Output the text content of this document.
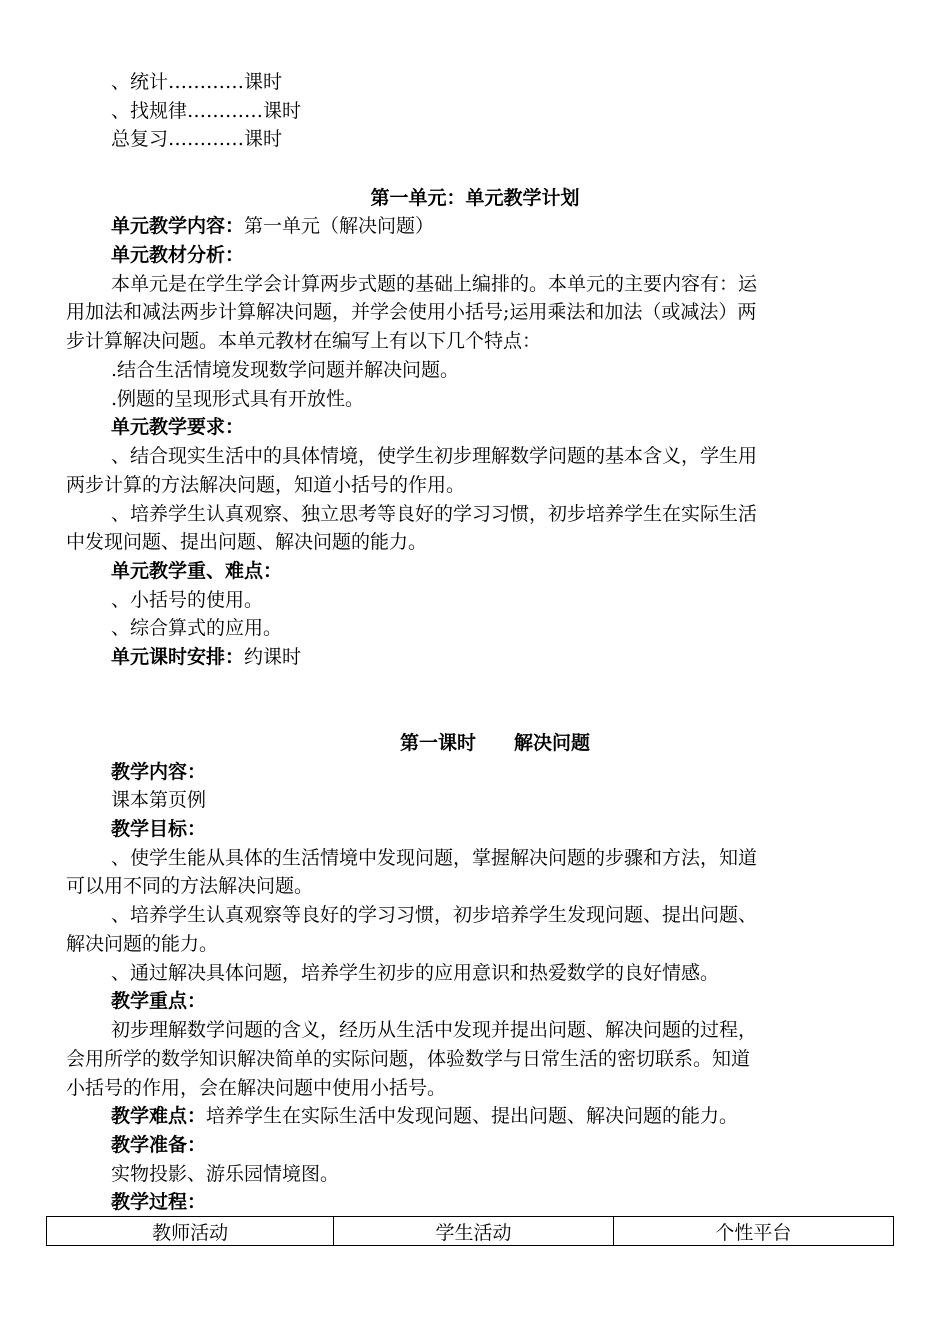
、统计…………课时
、找规律…………课时
总复习…………课时
第一单元：单元教学计划
单元教学内容：第一单元（解决问题）
单元教材分析：
本单元是在学生学会计算两步式题的基础上编排的。本单元的主要内容有：运
用加法和减法两步计算解决问题，并学会使用小括号;运用乘法和加法（或减法）两
步计算解决问题。本单元教材在编写上有以下几个特点：
.结合生活情境发现数学问题并解决问题。
.例题的呈现形式具有开放性。
单元教学要求：
、结合现实生活中的具体情境，使学生初步理解数学问题的基本含义，学生用
两步计算的方法解决问题，知道小括号的作用。
、培养学生认真观察、独立思考等良好的学习习惯，初步培养学生在实际生活
中发现问题、提出问题、解决问题的能力。
单元教学重、难点：
、小括号的使用。
、综合算式的应用。
单元课时安排：约课时
第一课时 解决问题
教学内容：
课本第页例
教学目标：
、使学生能从具体的生活情境中发现问题，掌握解决问题的步骤和方法，知道
可以用不同的方法解决问题。
、培养学生认真观察等良好的学习习惯，初步培养学生发现问题、提出问题、
解决问题的能力。
、通过解决具体问题，培养学生初步的应用意识和热爱数学的良好情感。
教学重点：
初步理解数学问题的含义，经历从生活中发现并提出问题、解决问题的过程，
会用所学的数学知识解决简单的实际问题，体验数学与日常生活的密切联系。知道
小括号的作用，会在解决问题中使用小括号。
教学难点：培养学生在实际生活中发现问题、提出问题、解决问题的能力。
教学准备：
实物投影、游乐园情境图。
教学过程：
教师活动	学生活动	个性平台
